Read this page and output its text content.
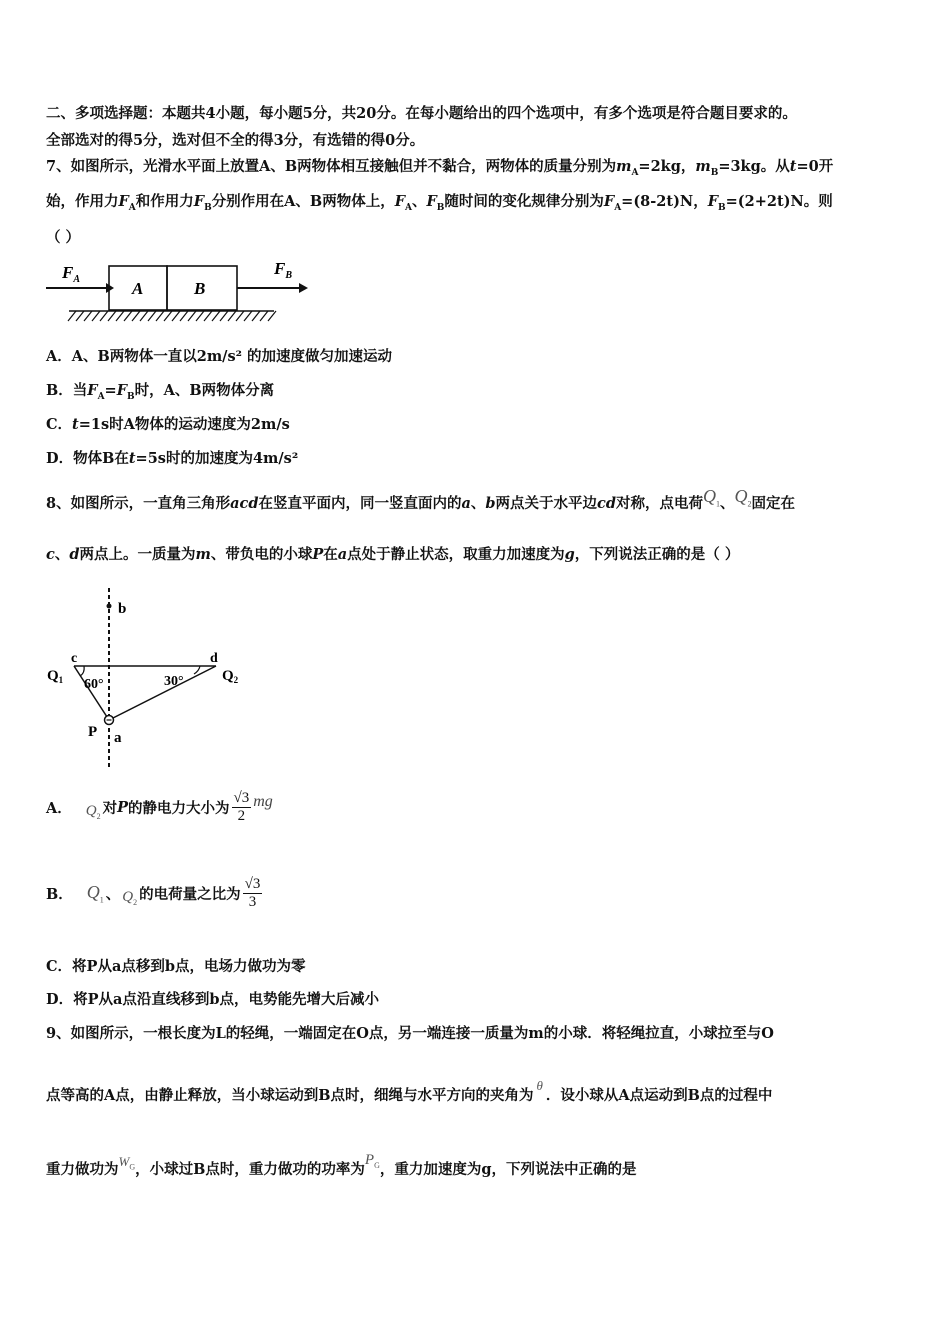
二、多项选择题：本题共4小题，每小题5分，共20分。在每小题给出的四个选项中，有多个选项是符合题目要求的。
全部选对的得5分，选对但不全的得3分，有选错的得0分。
7、如图所示，光滑水平面上放置A、B两物体相互接触但并不黏合，两物体的质量分别为$m_A=2kg$，$m_B=3kg$。从t=0开
始，作用力$F_A$和作用力$F_B$分别作用在A、B两物体上，$F_A$、$F_B$随时间的变化规律分别为$F_A=(8-2t)N$，$F_B=(2+2t)N$。则
（ ）
$F_A$	A	B
$F_B$
A．A、B两物体一直以2m/s² 的加速度做匀加速运动
B．当$F_A=F_B$时，A、B两物体分离
C．t=1s时A物体的运动速度为2m/s
D．物体B在t=5s时的加速度为4m/s²
8、如图所示，一直角三角形acd在竖直平面内，同一竖直面内的a、b两点关于水平边cd对称，点电荷$Q_1$、$Q_2$固定在
c、d两点上。一质量为m、带负电的小球P在a点处于静止状态，取重力加速度为g，下列说法正确的是（ ）
b
c	d
$Q_1$	$Q_2$
60°	30°
P a
A． $Q_2$ 对 P 的静电力大小为 $\frac{√3}{2}$ mg
B． $Q_1$ 、 $Q_2$ 的电荷量之比为 $\frac{√3}{3}$
C．将P从a点移到b点，电场力做功为零
D．将P从a点沿直线移到b点，电势能先增大后减小
9、如图所示，一根长度为L的轻绳，一端固定在O点，另一端连接一质量为m的小球．将轻绳拉直，小球拉至与O
点等高的A点，由静止释放，当小球运动到B点时，细绳与水平方向的夹角为θ．设小球从A点运动到B点的过程中
重力做功为$W_G$，小球过B点时，重力做功的功率为$P_G$，重力加速度为g，下列说法中正确的是
